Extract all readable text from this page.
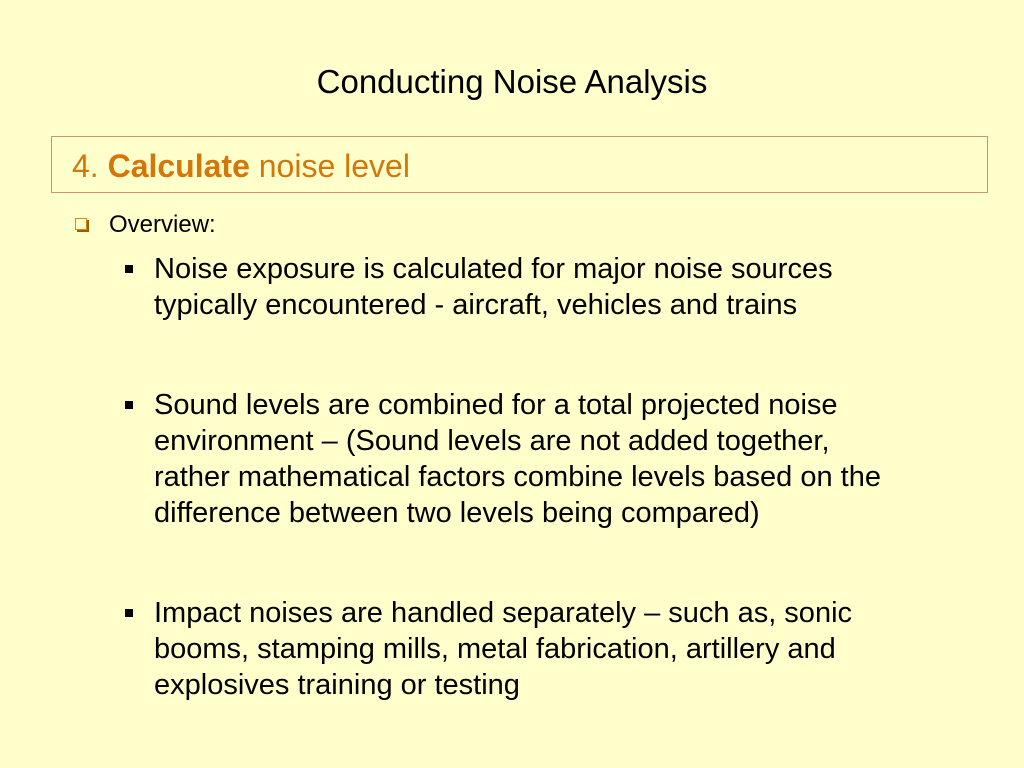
Conducting Noise Analysis
4. Calculate noise level
Overview:
Noise exposure is calculated for major noise sources typically encountered - aircraft, vehicles and trains
Sound levels are combined for a total projected noise environment – (Sound levels are not added together, rather mathematical factors combine levels based on the difference between two levels being compared)
Impact noises are handled separately – such as, sonic booms, stamping mills, metal fabrication, artillery and explosives training or testing
